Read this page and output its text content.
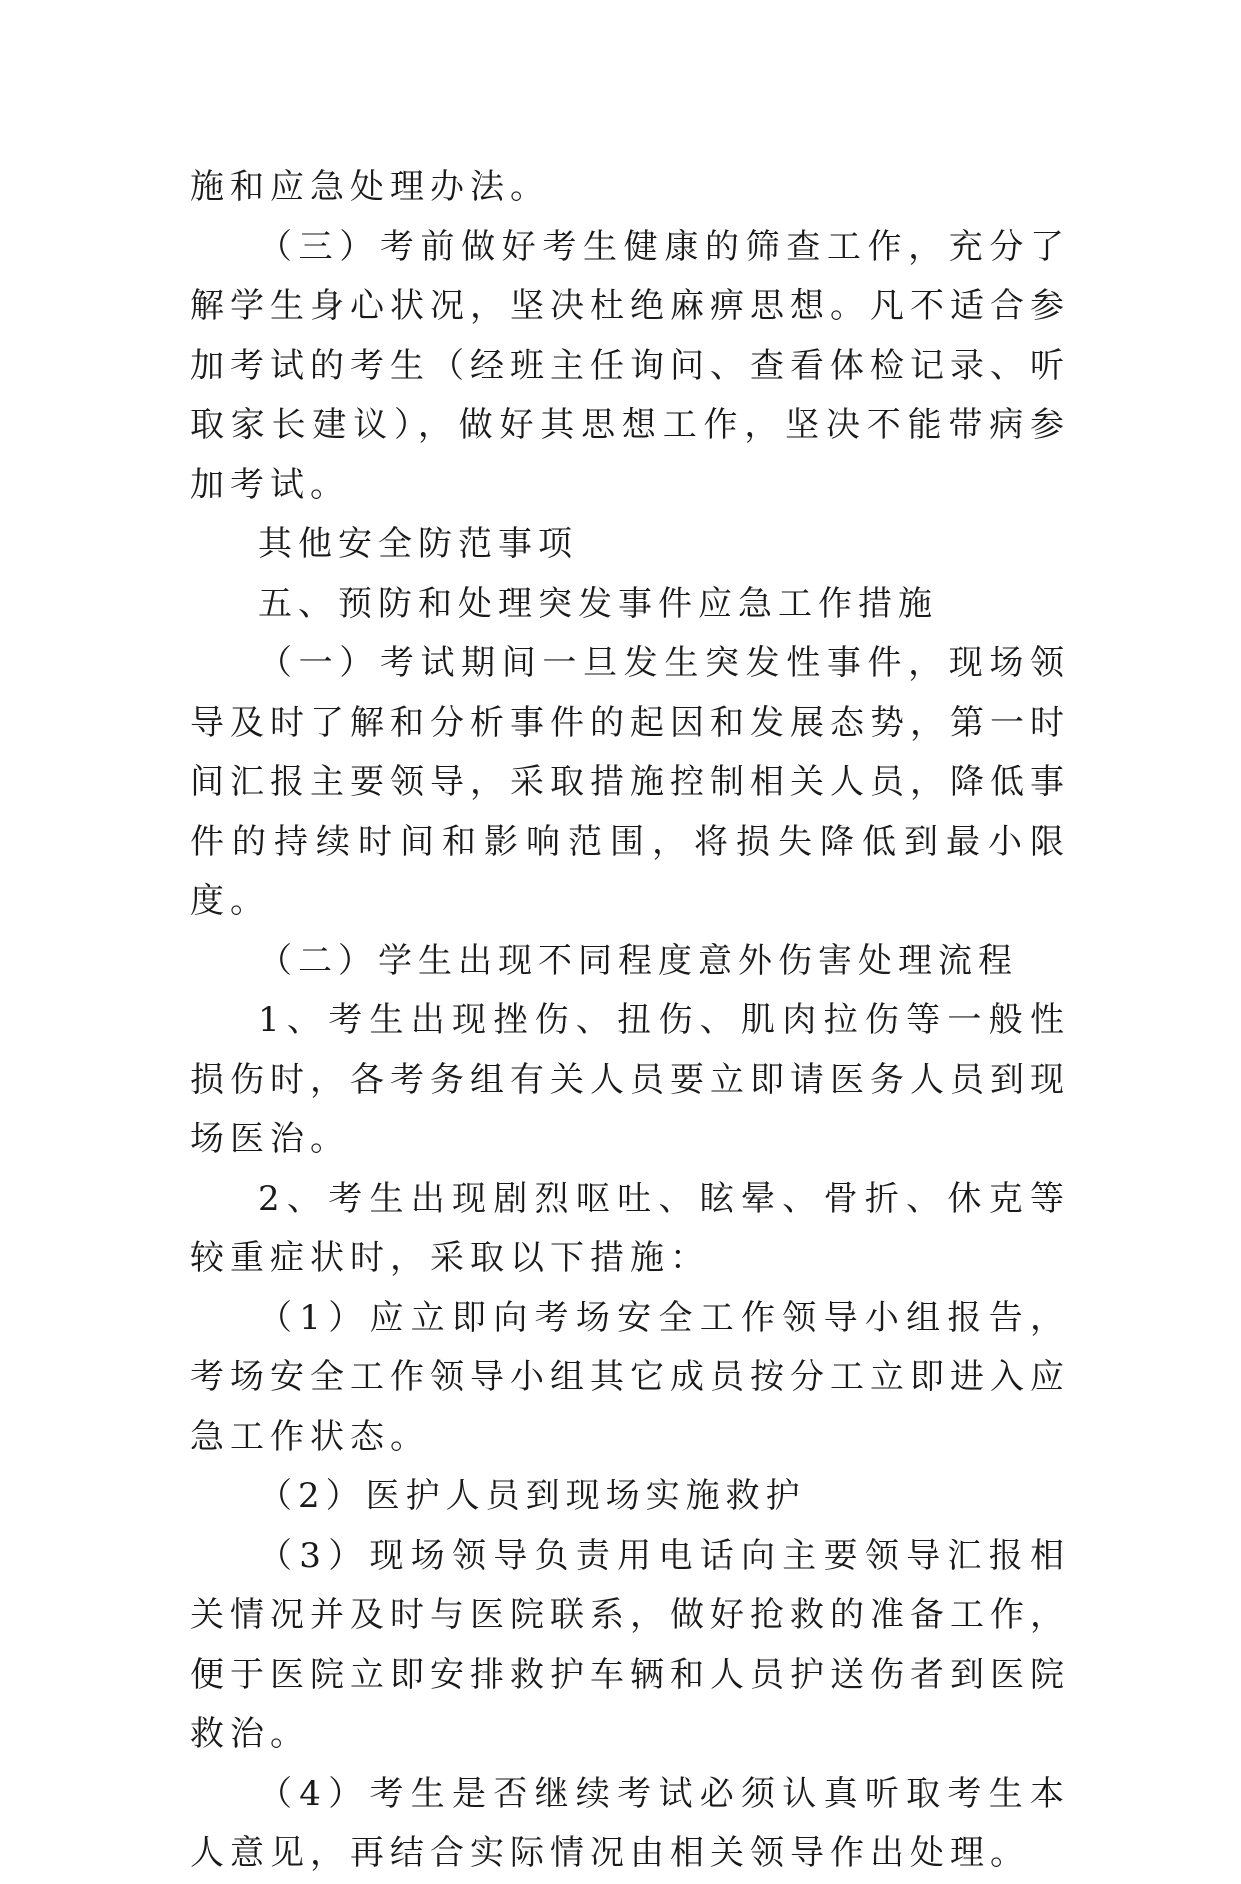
施和应急处理办法。

（三）考前做好考生健康的筛查工作，充分了解学生身心状况，坚决杜绝麻痹思想。凡不适合参加考试的考生（经班主任询问、查看体检记录、听取家长建议），做好其思想工作，坚决不能带病参加考试。

其他安全防范事项

五、预防和处理突发事件应急工作措施

（一）考试期间一旦发生突发性事件，现场领导及时了解和分析事件的起因和发展态势，第一时间汇报主要领导，采取措施控制相关人员，降低事件的持续时间和影响范围，将损失降低到最小限度。

（二）学生出现不同程度意外伤害处理流程

1、考生出现挫伤、扭伤、肌肉拉伤等一般性损伤时，各考务组有关人员要立即请医务人员到现场医治。

2、考生出现剧烈呕吐、眩晕、骨折、休克等较重症状时，采取以下措施：

（1）应立即向考场安全工作领导小组报告，考场安全工作领导小组其它成员按分工立即进入应急工作状态。

（2）医护人员到现场实施救护

（3）现场领导负责用电话向主要领导汇报相关情况并及时与医院联系，做好抢救的准备工作，便于医院立即安排救护车辆和人员护送伤者到医院救治。

（4）考生是否继续考试必须认真听取考生本人意见，再结合实际情况由相关领导作出处理。
